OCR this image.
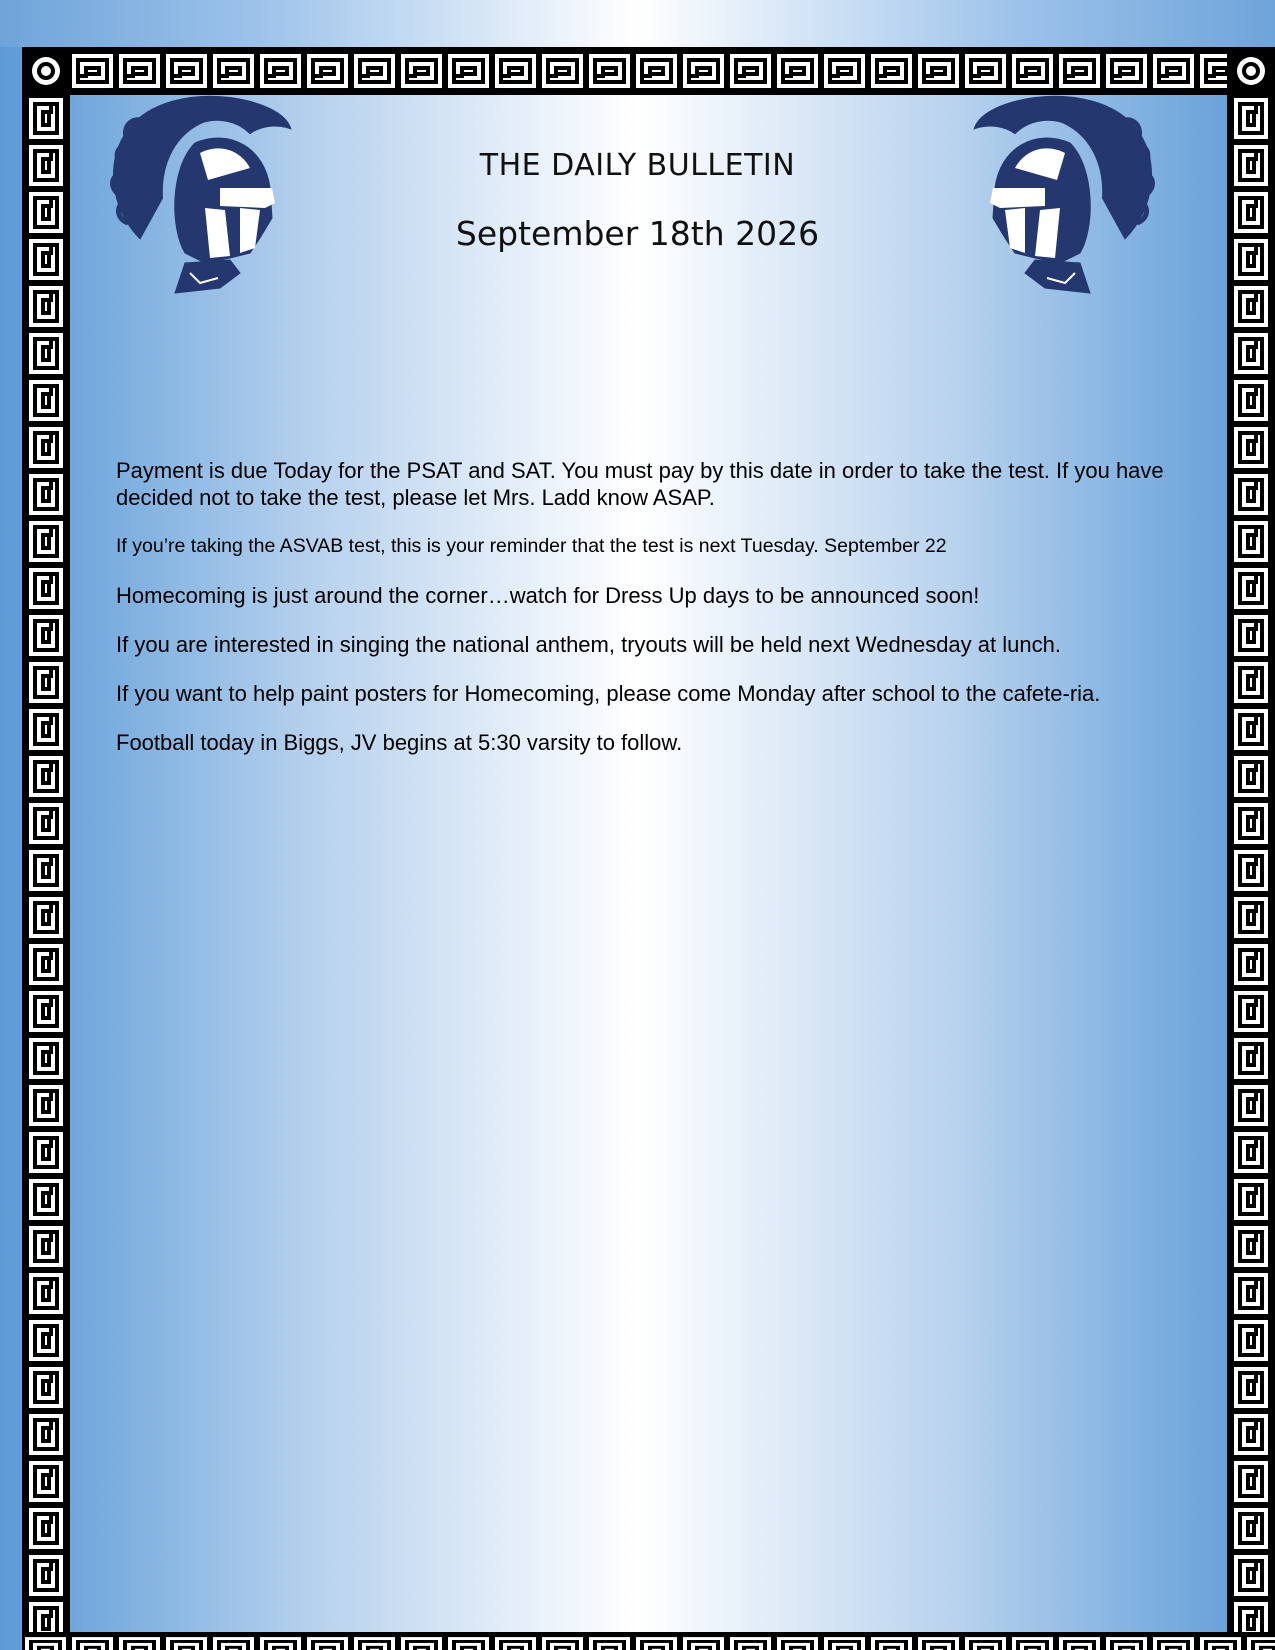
THE DAILY BULLETIN
September 18th 2026

Payment is due Today for the PSAT and SAT. You must pay by this date in order to take the test. If you have decided not to take the test, please let Mrs. Ladd know ASAP.

If you’re taking the ASVAB test, this is your reminder that the test is next Tuesday. September 22

Homecoming is just around the corner…watch for Dress Up days to be announced soon!

If you are interested in singing the national anthem, tryouts will be held next Wednesday at lunch.

If you want to help paint posters for Homecoming, please come Monday after school to the cafete-ria.

Football today in Biggs, JV begins at 5:30 varsity to follow.
